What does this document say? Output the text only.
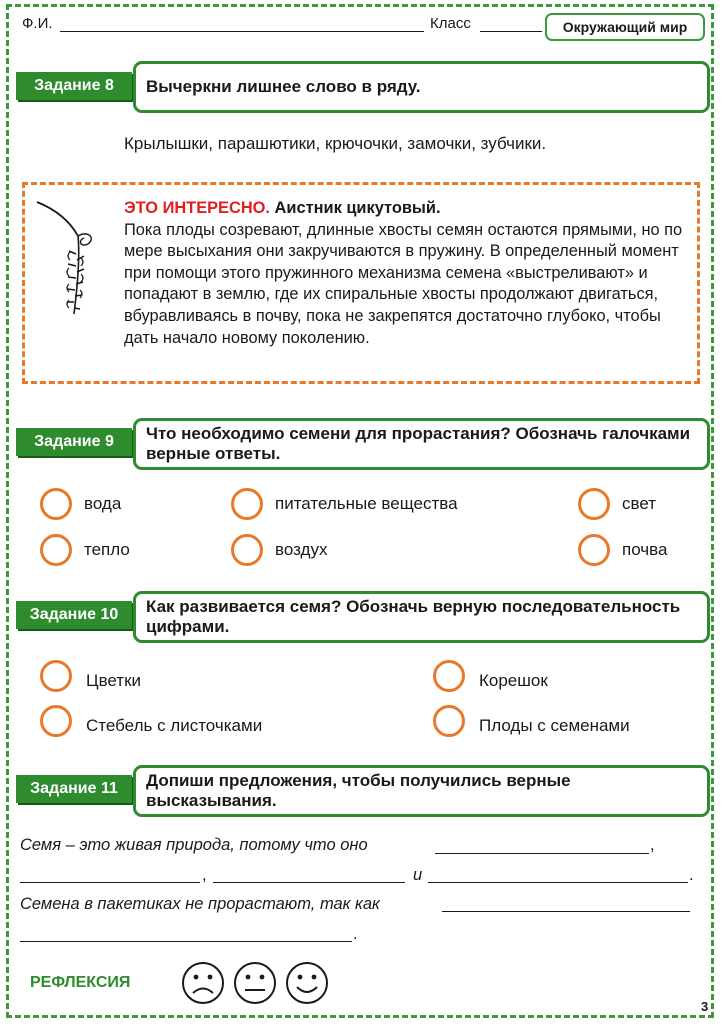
Ф.И.	Класс	Окружающий мир
Задание 8	Вычеркни лишнее слово в ряду.
Крылышки, парашютики, крючочки, замочки, зубчики.
ЭТО ИНТЕРЕСНО. Аистник цикутовый.
Пока плоды созревают, длинные хвосты семян остаются прямыми, но по мере высыхания они закручиваются в пружину. В определенный момент при помощи этого пружинного механизма семена «выстреливают» и попадают в землю, где их спиральные хвосты продолжают двигаться, вбуравливаясь в почву, пока не закрепятся достаточно глубоко, чтобы дать начало новому поколению.
Задание 9	Что необходимо семени для прорастания? Обозначь галочками верные ответы.
вода	питательные вещества	свет
тепло	воздух	почва
Задание 10	Как развивается семя? Обозначь верную последовательность цифрами.
Цветки	Корешок
Стебель с листочками	Плоды с семенами
Задание 11	Допиши предложения, чтобы получились верные высказывания.
Семя – это живая природа, потому что оно	,
,	и	.
Семена в пакетиках не прорастают, так как
.
РЕФЛЕКСИЯ
3
